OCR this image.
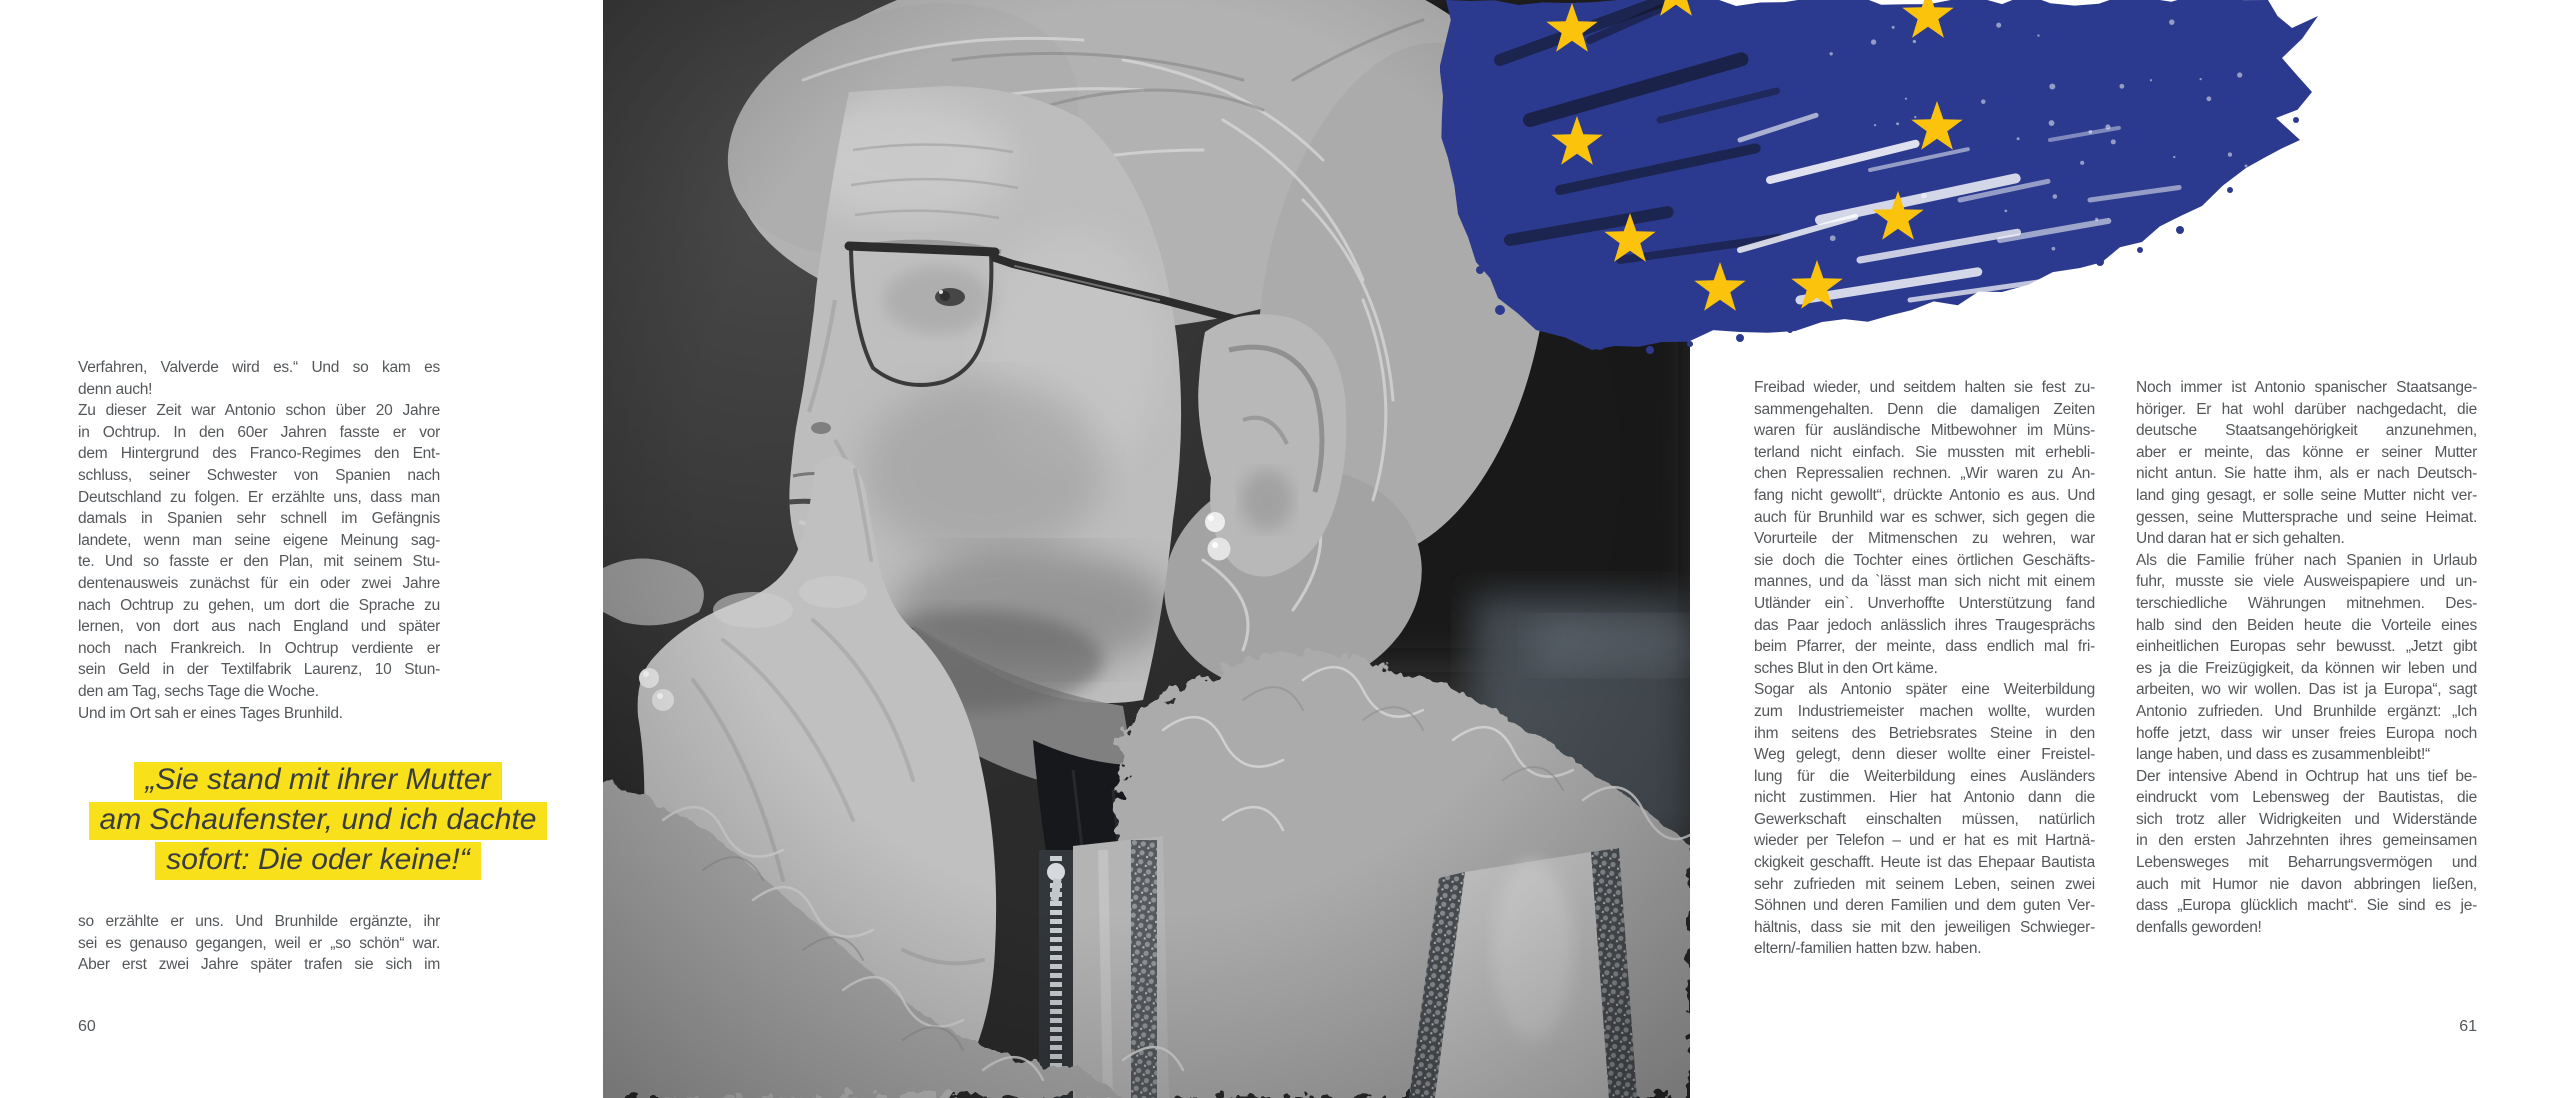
Verfahren, Valverde wird es.“ Und so kam es
denn auch!
Zu dieser Zeit war Antonio schon über 20 Jahre
in Ochtrup. In den 60er Jahren fasste er vor
dem Hintergrund des Franco-Regimes den Ent-
schluss, seiner Schwester von Spanien nach
Deutschland zu folgen. Er erzählte uns, dass man
damals in Spanien sehr schnell im Gefängnis
landete, wenn man seine eigene Meinung sag-
te. Und so fasste er den Plan, mit seinem Stu-
dentenausweis zunächst für ein oder zwei Jahre
nach Ochtrup zu gehen, um dort die Sprache zu
lernen, von dort aus nach England und später
noch nach Frankreich. In Ochtrup verdiente er
sein Geld in der Textilfabrik Laurenz, 10 Stun-
den am Tag, sechs Tage die Woche.
Und im Ort sah er eines Tages Brunhild.
„Sie stand mit ihrer Mutter
am Schaufenster, und ich dachte
sofort: Die oder keine!“
so erzählte er uns. Und Brunhilde ergänzte, ihr
sei es genauso gegangen, weil er „so schön“ war.
Aber erst zwei Jahre später trafen sie sich im
60
Freibad wieder, und seitdem halten sie fest zu-
sammengehalten. Denn die damaligen Zeiten
waren für ausländische Mitbewohner im Müns-
terland nicht einfach. Sie mussten mit erhebli-
chen Repressalien rechnen. „Wir waren zu An-
fang nicht gewollt“, drückte Antonio es aus. Und
auch für Brunhild war es schwer, sich gegen die
Vorurteile der Mitmenschen zu wehren, war
sie doch die Tochter eines örtlichen Geschäfts-
mannes, und da `lässt man sich nicht mit einem
Utländer ein`. Unverhoffte Unterstützung fand
das Paar jedoch anlässlich ihres Traugesprächs
beim Pfarrer, der meinte, dass endlich mal fri-
sches Blut in den Ort käme.
Sogar als Antonio später eine Weiterbildung
zum Industriemeister machen wollte, wurden
ihm seitens des Betriebsrates Steine in den
Weg gelegt, denn dieser wollte einer Freistel-
lung für die Weiterbildung eines Ausländers
nicht zustimmen. Hier hat Antonio dann die
Gewerkschaft einschalten müssen, natürlich
wieder per Telefon – und er hat es mit Hartnä-
ckigkeit geschafft. Heute ist das Ehepaar Bautista
sehr zufrieden mit seinem Leben, seinen zwei
Söhnen und deren Familien und dem guten Ver-
hältnis, dass sie mit den jeweiligen Schwieger-
eltern/-familien hatten bzw. haben.
Noch immer ist Antonio spanischer Staatsange-
höriger. Er hat wohl darüber nachgedacht, die
deutsche Staatsangehörigkeit anzunehmen,
aber er meinte, das könne er seiner Mutter
nicht antun. Sie hatte ihm, als er nach Deutsch-
land ging gesagt, er solle seine Mutter nicht ver-
gessen, seine Muttersprache und seine Heimat.
Und daran hat er sich gehalten.
Als die Familie früher nach Spanien in Urlaub
fuhr, musste sie viele Ausweispapiere und un-
terschiedliche Währungen mitnehmen. Des-
halb sind den Beiden heute die Vorteile eines
einheitlichen Europas sehr bewusst. „Jetzt gibt
es ja die Freizügigkeit, da können wir leben und
arbeiten, wo wir wollen. Das ist ja Europa“, sagt
Antonio zufrieden. Und Brunhilde ergänzt: „Ich
hoffe jetzt, dass wir unser freies Europa noch
lange haben, und dass es zusammenbleibt!“
Der intensive Abend in Ochtrup hat uns tief be-
eindruckt vom Lebensweg der Bautistas, die
sich trotz aller Widrigkeiten und Widerstände
in den ersten Jahrzehnten ihres gemeinsamen
Lebensweges mit Beharrungsvermögen und
auch mit Humor nie davon abbringen ließen,
dass „Europa glücklich macht“. Sie sind es je-
denfalls geworden!
61
